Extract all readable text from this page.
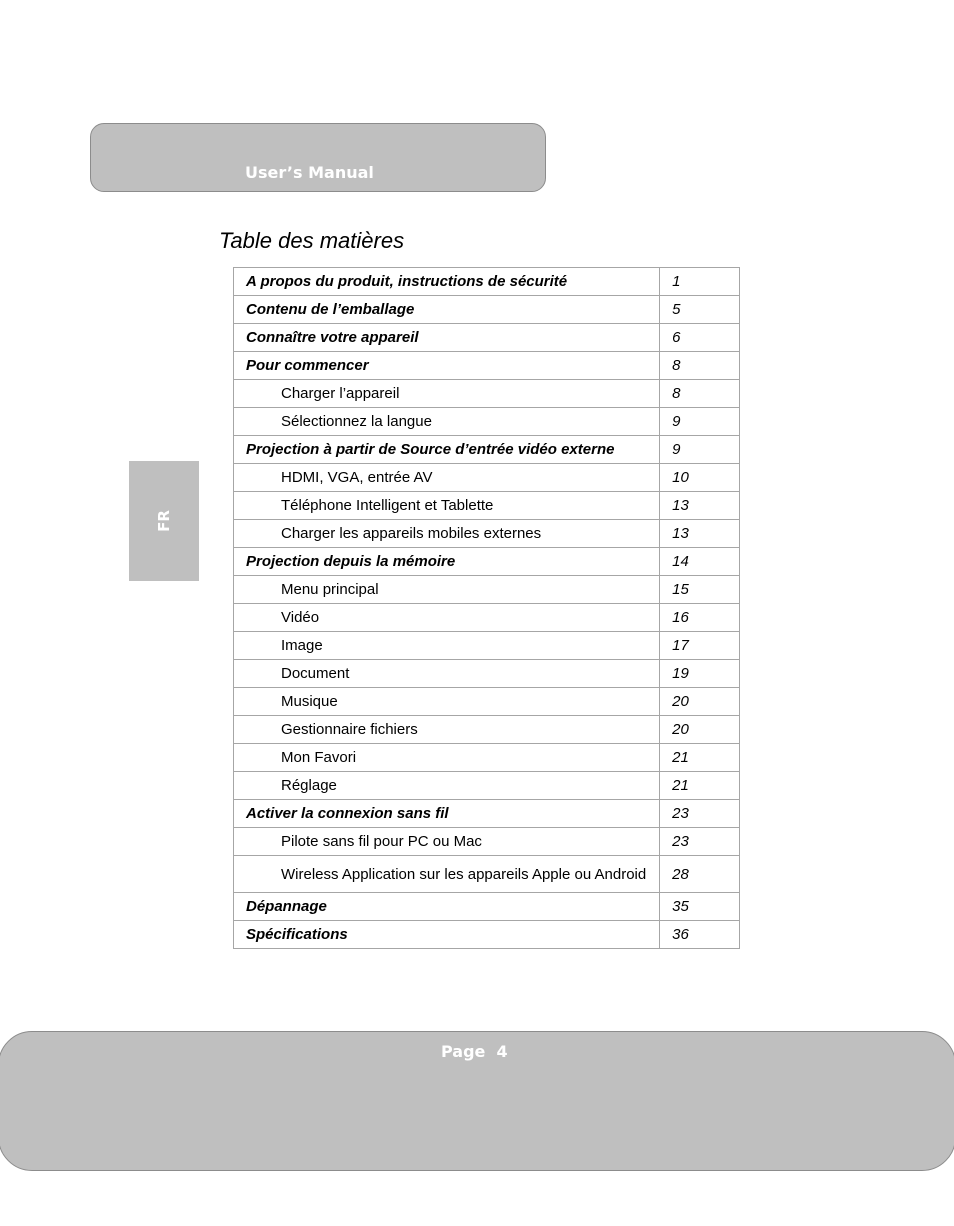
User’s Manual
Table des matières
FR
A propos du produit, instructions de sécurité	1
Contenu de l’emballage	5
Connaître votre appareil	6
Pour commencer	8
Charger l’appareil	8
Sélectionnez la langue	9
Projection à partir de Source d’entrée vidéo externe	9
HDMI, VGA, entrée AV	10
Téléphone Intelligent et Tablette	13
Charger les appareils mobiles externes	13
Projection depuis la mémoire	14
Menu principal	15
Vidéo	16
Image	17
Document	19
Musique	20
Gestionnaire fichiers	20
Mon Favori	21
Réglage	21
Activer la connexion sans fil	23
Pilote sans fil pour PC ou Mac	23
Wireless Application sur les appareils Apple ou Android	28
Dépannage	35
Spécifications	36
Page  4
